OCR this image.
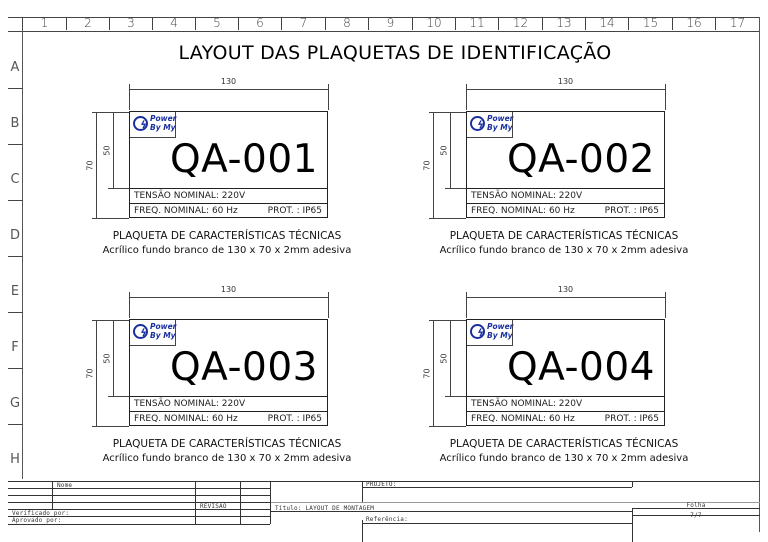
1	2	3	4	5	6	7	8	9	10	11	12	13	14	15	16	17
A
B
C
D
E
F
G
H
LAYOUT DAS PLAQUETAS DE IDENTIFICAÇÃO
130
70
50
ϟ
Power
By My
QA-001
TENSÃO NOMINAL: 220V
FREQ. NOMINAL: 60 Hz	PROT. : IP65
PLAQUETA DE CARACTERÍSTICAS TÉCNICAS
Acrílico fundo branco de 130 x 70 x 2mm adesiva
130
70
50
ϟ
Power
By My
QA-002
TENSÃO NOMINAL: 220V
FREQ. NOMINAL: 60 Hz	PROT. : IP65
PLAQUETA DE CARACTERÍSTICAS TÉCNICAS
Acrílico fundo branco de 130 x 70 x 2mm adesiva
130
70
50
ϟ
Power
By My
QA-003
TENSÃO NOMINAL: 220V
FREQ. NOMINAL: 60 Hz	PROT. : IP65
PLAQUETA DE CARACTERÍSTICAS TÉCNICAS
Acrílico fundo branco de 130 x 70 x 2mm adesiva
130
70
50
ϟ
Power
By My
QA-004
TENSÃO NOMINAL: 220V
FREQ. NOMINAL: 60 Hz	PROT. : IP65
PLAQUETA DE CARACTERÍSTICAS TÉCNICAS
Acrílico fundo branco de 130 x 70 x 2mm adesiva
Nome
REVISÃO
Verificado por:
Aprovado por:
PROJETO:
Título: LAYOUT DE MONTAGEM
Referência:
Folha
7/7
